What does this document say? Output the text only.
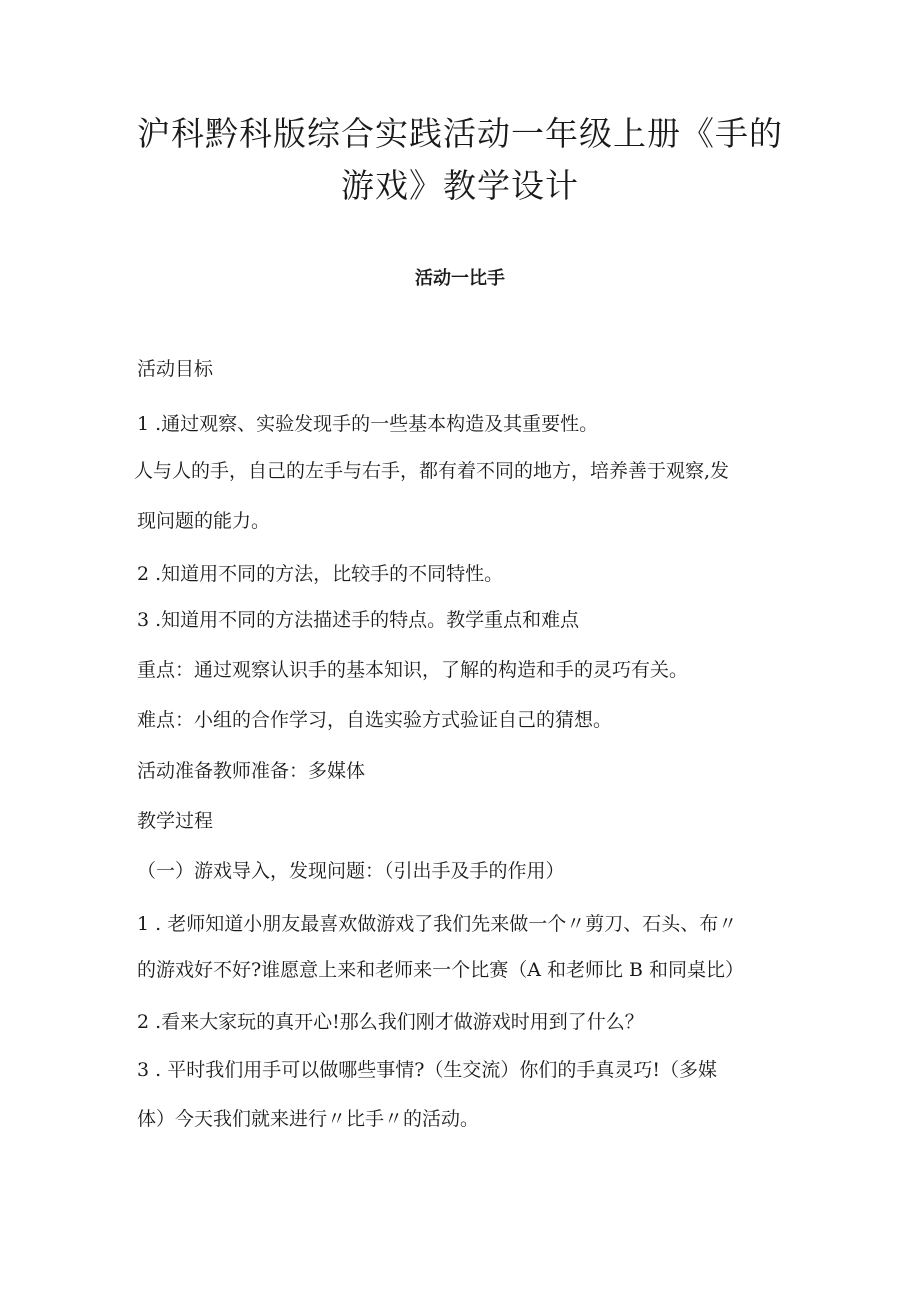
沪科黔科版综合实践活动一年级上册《手的
游戏》教学设计
活动一比手

活动目标

1 .通过观察、实验发现手的一些基本构造及其重要性。

人与人的手，自己的左手与右手，都有着不同的地方，培养善于观察,发

现问题的能力。

2 .知道用不同的方法，比较手的不同特性。

3 .知道用不同的方法描述手的特点。教学重点和难点

重点：通过观察认识手的基本知识，了解的构造和手的灵巧有关。

难点：小组的合作学习，自选实验方式验证自己的猜想。

活动准备教师准备：多媒体

教学过程

（一）游戏导入，发现问题：（引出手及手的作用）

1 . 老师知道小朋友最喜欢做游戏了我们先来做一个〃剪刀、石头、布〃

的游戏好不好?谁愿意上来和老师来一个比赛（A 和老师比 B 和同桌比）

2 .看来大家玩的真开心!那么我们刚才做游戏时用到了什么？

3 . 平时我们用手可以做哪些事情?（生交流）你们的手真灵巧!（多媒

体）今天我们就来进行〃比手〃的活动。
